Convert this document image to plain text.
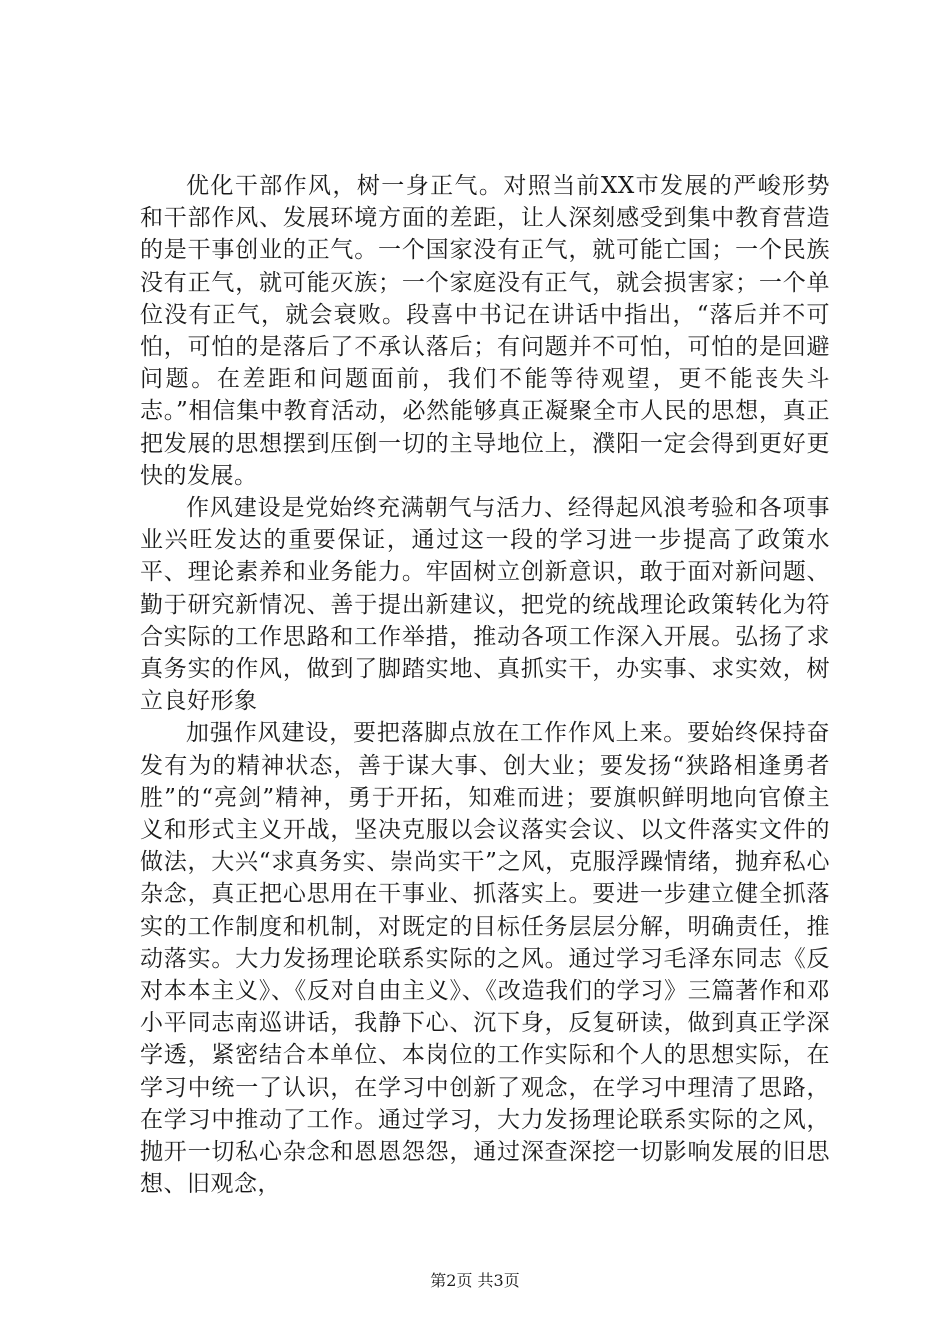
优化干部作风，树一身正气。对照当前XX市发展的严峻形势和干部作风、发展环境方面的差距，让人深刻感受到集中教育营造的是干事创业的正气。一个国家没有正气，就可能亡国；一个民族没有正气，就可能灭族；一个家庭没有正气，就会损害家；一个单位没有正气，就会衰败。段喜中书记在讲话中指出，“落后并不可怕，可怕的是落后了不承认落后；有问题并不可怕，可怕的是回避问题。在差距和问题面前，我们不能等待观望，更不能丧失斗志。”相信集中教育活动，必然能够真正凝聚全市人民的思想，真正把发展的思想摆到压倒一切的主导地位上，濮阳一定会得到更好更快的发展。

作风建设是党始终充满朝气与活力、经得起风浪考验和各项事业兴旺发达的重要保证，通过这一段的学习进一步提高了政策水平、理论素养和业务能力。牢固树立创新意识，敢于面对新问题、勤于研究新情况、善于提出新建议，把党的统战理论政策转化为符合实际的工作思路和工作举措，推动各项工作深入开展。弘扬了求真务实的作风，做到了脚踏实地、真抓实干，办实事、求实效，树立良好形象

加强作风建设，要把落脚点放在工作作风上来。要始终保持奋发有为的精神状态，善于谋大事、创大业；要发扬“狭路相逢勇者胜”的“亮剑”精神，勇于开拓，知难而进；要旗帜鲜明地向官僚主义和形式主义开战，坚决克服以会议落实会议、以文件落实文件的做法，大兴“求真务实、崇尚实干”之风，克服浮躁情绪，抛弃私心杂念，真正把心思用在干事业、抓落实上。要进一步建立健全抓落实的工作制度和机制，对既定的目标任务层层分解，明确责任，推动落实。大力发扬理论联系实际的之风。通过学习毛泽东同志《反对本本主义》、《反对自由主义》、《改造我们的学习》三篇著作和邓小平同志南巡讲话，我静下心、沉下身，反复研读，做到真正学深学透，紧密结合本单位、本岗位的工作实际和个人的思想实际，在学习中统一了认识，在学习中创新了观念，在学习中理清了思路，在学习中推动了工作。通过学习，大力发扬理论联系实际的之风，抛开一切私心杂念和恩恩怨怨，通过深查深挖一切影响发展的旧思想、旧观念，

第2页 共3页
